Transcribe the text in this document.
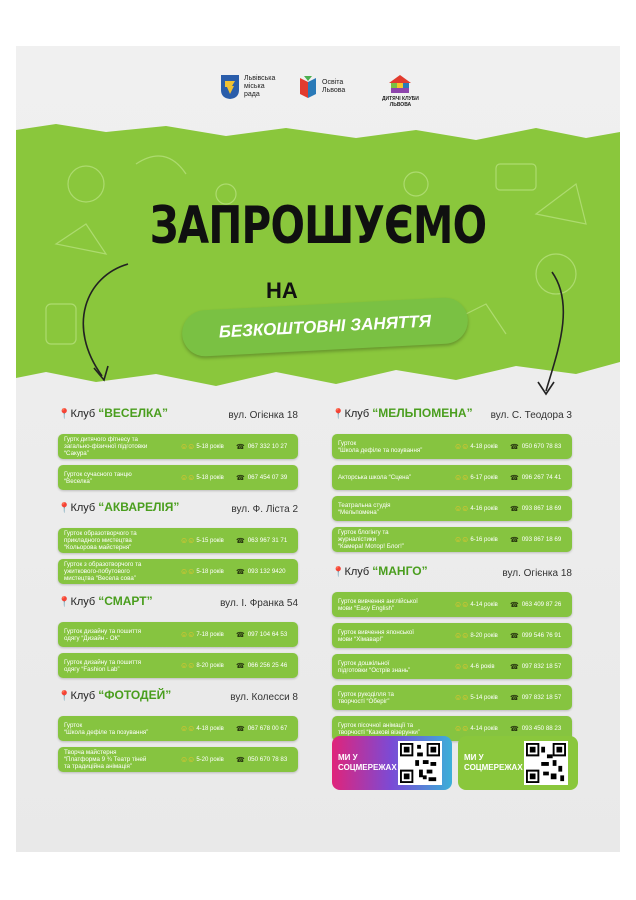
Львівська
міська
рада
Освіта
Львова
ДИТЯЧІ КЛУБИ
ЛЬВОВА
ЗАПРОШУЄМО
НА
БЕЗКОШТОВНІ ЗАНЯТТЯ
📍Клуб “ВЕСЕЛКА”	вул. Огієнка 18
Гуртк дитячого фітнесу та
загально-фізичної підготовки
“Сакура”
☺☺ 5-18 років ☎ 067 332 10 27
Гурток сучасного танцю
“Веселка”	☺☺ 5-18 років ☎ 067 454 07 39
📍Клуб “АКВАРЕЛІЯ”	вул. Ф. Ліста 2
Гурток образотворчого та
прикладного мистецтва
“Кольорова майстерня”
☺☺ 5-15 років ☎ 063 967 31 71
Гурток з образотворчого та
ужиткового-побутового
мистецтва “Весела сова”
☺☺ 5-18 років ☎ 093 132 9420
📍Клуб “СМАРТ”	вул. І. Франка 54
Гурток дизайну та пошиття
одягу “Дизайн - ОК”	☺☺ 7-18 років ☎ 097 104 64 53
Гурток дизайну та пошиття
одягу “Fashion Lab”	☺☺ 8-20 років ☎ 066 256 25 46
📍Клуб “ФОТОДЕЙ”	вул. Колесси 8
Гурток
“Школа дефіле та позування”	☺☺ 4-18 років ☎ 067 678 00 67
Творча майстерня
“Платформа 9 ¾ Театр тіней
та традиційна анімація”
☺☺ 5-20 років ☎ 050 670 78 83
📍Клуб “МЕЛЬПОМЕНА” вул. С. Теодора 3
Гурток
“Школа дефіле та позування”	☺☺ 4-18 років ☎ 050 670 78 83
Акторська школа “Сцена”	☺☺ 6-17 років ☎ 096 267 74 41
Театральна студія
“Мельпомена”	☺☺ 4-16 років ☎ 093 867 18 69
Гурток блогінгу та
журналістики
“Камера! Мотор! Блог!”
☺☺ 6-16 років ☎ 093 867 18 69
📍Клуб “МАНГО”	вул. Огієнка 18
Гурток вивчення англійської
мови “Easy English”	☺☺ 4-14 років ☎ 063 409 87 26
Гурток вивчення японської
мови “Хімавар!”	☺☺ 8-20 років ☎ 099 546 76 91
Гурток дошкільної
підготовки “Острів знань”	☺☺ 4-6 років ☎ 097 832 18 57
Гурток рукоділля та
творчості “Оберіг”	☺☺ 5-14 років ☎ 097 832 18 57
Гурток пісочної анімації та
творчості “Казкові візерунки”	☺☺ 4-14 років ☎ 093 450 88 23
МИ У
СОЦМЕРЕЖАХ
МИ У
СОЦМЕРЕЖАХ
